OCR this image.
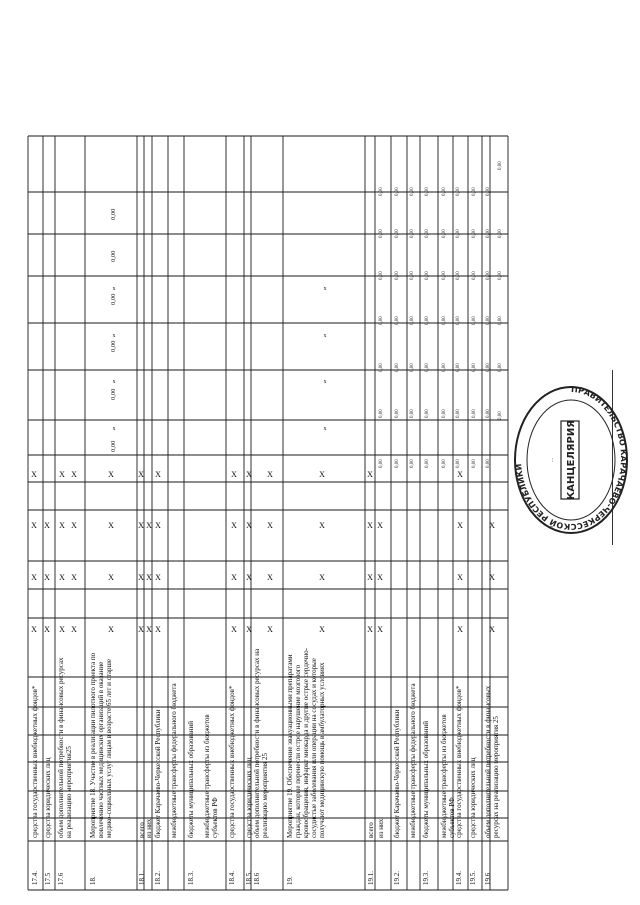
0,00
0,00
0,00
0,00
0,00
0,00
17.4.
средства государственных внебюджетных фондов*
17.5
средства юридических лиц
17.6
объем дополнительной потребности в финансовых ресурсах на реализацию мероприятия25
18.
Мероприятие 18. Участие в реализации пилотного проекта по вовлечению частных медицинских организаций в оказание медико-социальных услуг лицам в возрасте 65 лет и старше
18.1.
всего из них:
18.2.
бюджет Карачаево-Черкесской Республики межбюджетные трансферты федерального бюджета
18.3.
бюджеты муниципальных образований межбюджетные трансферты из бюджетов субъектов РФ
18.4.
средства государственных внебюджетных фондов*
18.5.
средства юридических лиц
18.6
объем дополнительной потребности в финансовых ресурсах на реализацию мероприятия 25
19.
Мероприятие 19. Обеспечение эвакуационными препаратами граждан, которые перенесли острое нарушение мозгового кровообращения, инфаркт миокарда и другие острые сердечно-сосудистые заболевания или операции на сосудах и которые получают медицинскую помощь в амбулаторных условиях
19.1.
всего из них:
19.2.
бюджет Карачаево-Черкесской Республики межбюджетные трансферты федерального бюджета
19.3.
бюджеты муниципальных образований межбюджетные трансферты из бюджетов субъектов РФ
19.4.
средства государственных внебюджетных фондов*
19.5.
средства юридических лиц
19.6
объем дополнительной потребности в финансовых ресурсах на реализацию мероприятия 25
X
X
X
X
X
X
X
X
X
X
X
X
X
X
X
X
X
X
X
X
X
X
X
X
X
X
X
X
X
X
X
X
X
X
X
X
X
X
X
X
X
X
X
X
X
X
X
X
X
X
X
X
X
X
X
X
X
X
X
X
x
x
x
x
x
x
x
x
0,00
0,00
0,00
0,00
0,00
0,00
0,00
0,00
0,00
0,00
0,00
0,00
0,00
0,00
0,00
0,00
0,00
0,00
0,00
0,00
0,00
0,00
0,00
0,00
0,00
0,00
0,00
0,00
0,00
0,00
0,00
0,00
0,00
0,00
0,00
0,00
0,00
0,00
0,00
0,00
0,00
0,00
0,00
0,00
0,00
0,00
0,00
0,00
0,00
0,00
0,00
0,00
0,00
0,00
0,00
0,00
0,00
0,00
0,00
0,00
0,00
0,00
ПРАВИТЕЛЬСТВО КАРАЧАЕВО-ЧЕРКЕССКОЙ РЕСПУБЛИКИ	КАНЦЕЛЯРИЯ
…
